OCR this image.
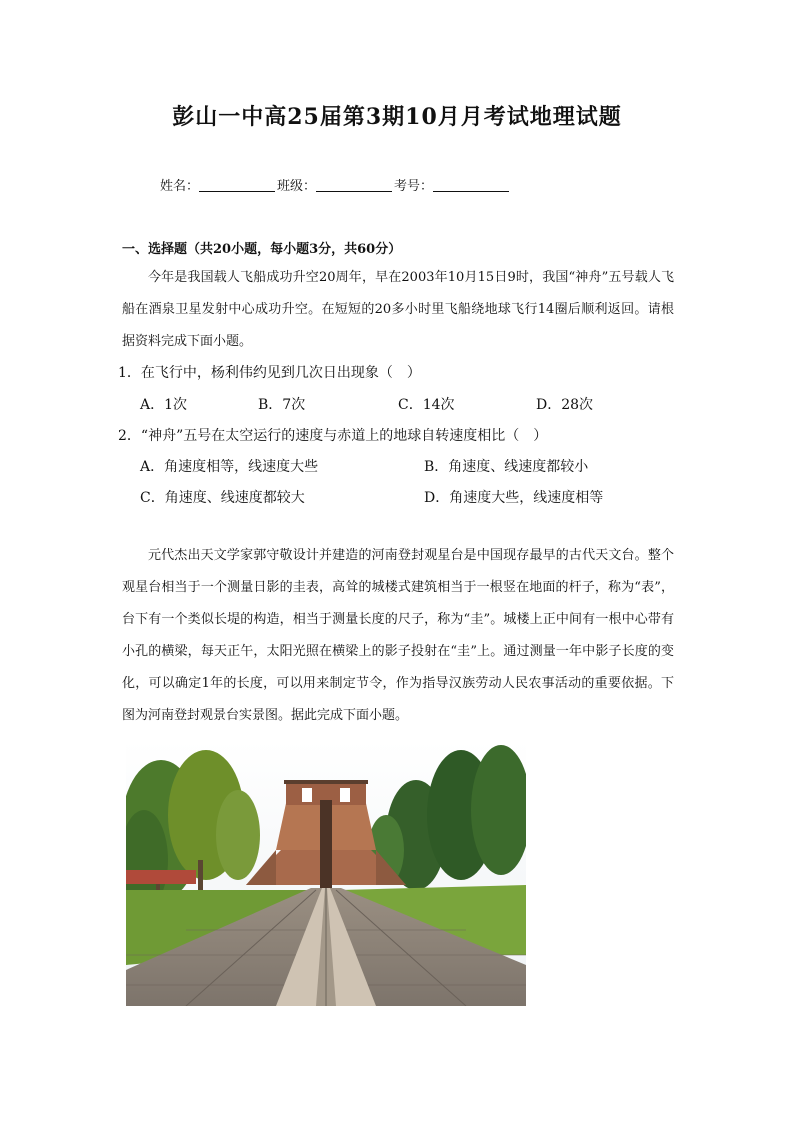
彭山一中高25届第3期10月月考试地理试题
姓名：	班级：	考号：
一、选择题（共20小题，每小题3分，共60分）
今年是我国载人飞船成功升空20周年，早在2003年10月15日9时，我国“神舟”五号载人飞船在酒泉卫星发射中心成功升空。在短短的20多小时里飞船绕地球飞行14圈后顺利返回。请根据资料完成下面小题。
1．在飞行中，杨利伟约见到几次日出现象（　）
A．1次	B．7次	C．14次	D．28次
2．“神舟”五号在太空运行的速度与赤道上的地球自转速度相比（　）
A．角速度相等，线速度大些	B．角速度、线速度都较小
C．角速度、线速度都较大	D．角速度大些，线速度相等
元代杰出天文学家郭守敬设计并建造的河南登封观星台是中国现存最早的古代天文台。整个观星台相当于一个测量日影的圭表，高耸的城楼式建筑相当于一根竖在地面的杆子，称为“表”，台下有一个类似长堤的构造，相当于测量长度的尺子，称为“圭”。城楼上正中间有一根中心带有小孔的横梁，每天正午，太阳光照在横梁上的影子投射在“圭”上。通过测量一年中影子长度的变化，可以确定1年的长度，可以用来制定节令，作为指导汉族劳动人民农事活动的重要依据。下图为河南登封观景台实景图。据此完成下面小题。
